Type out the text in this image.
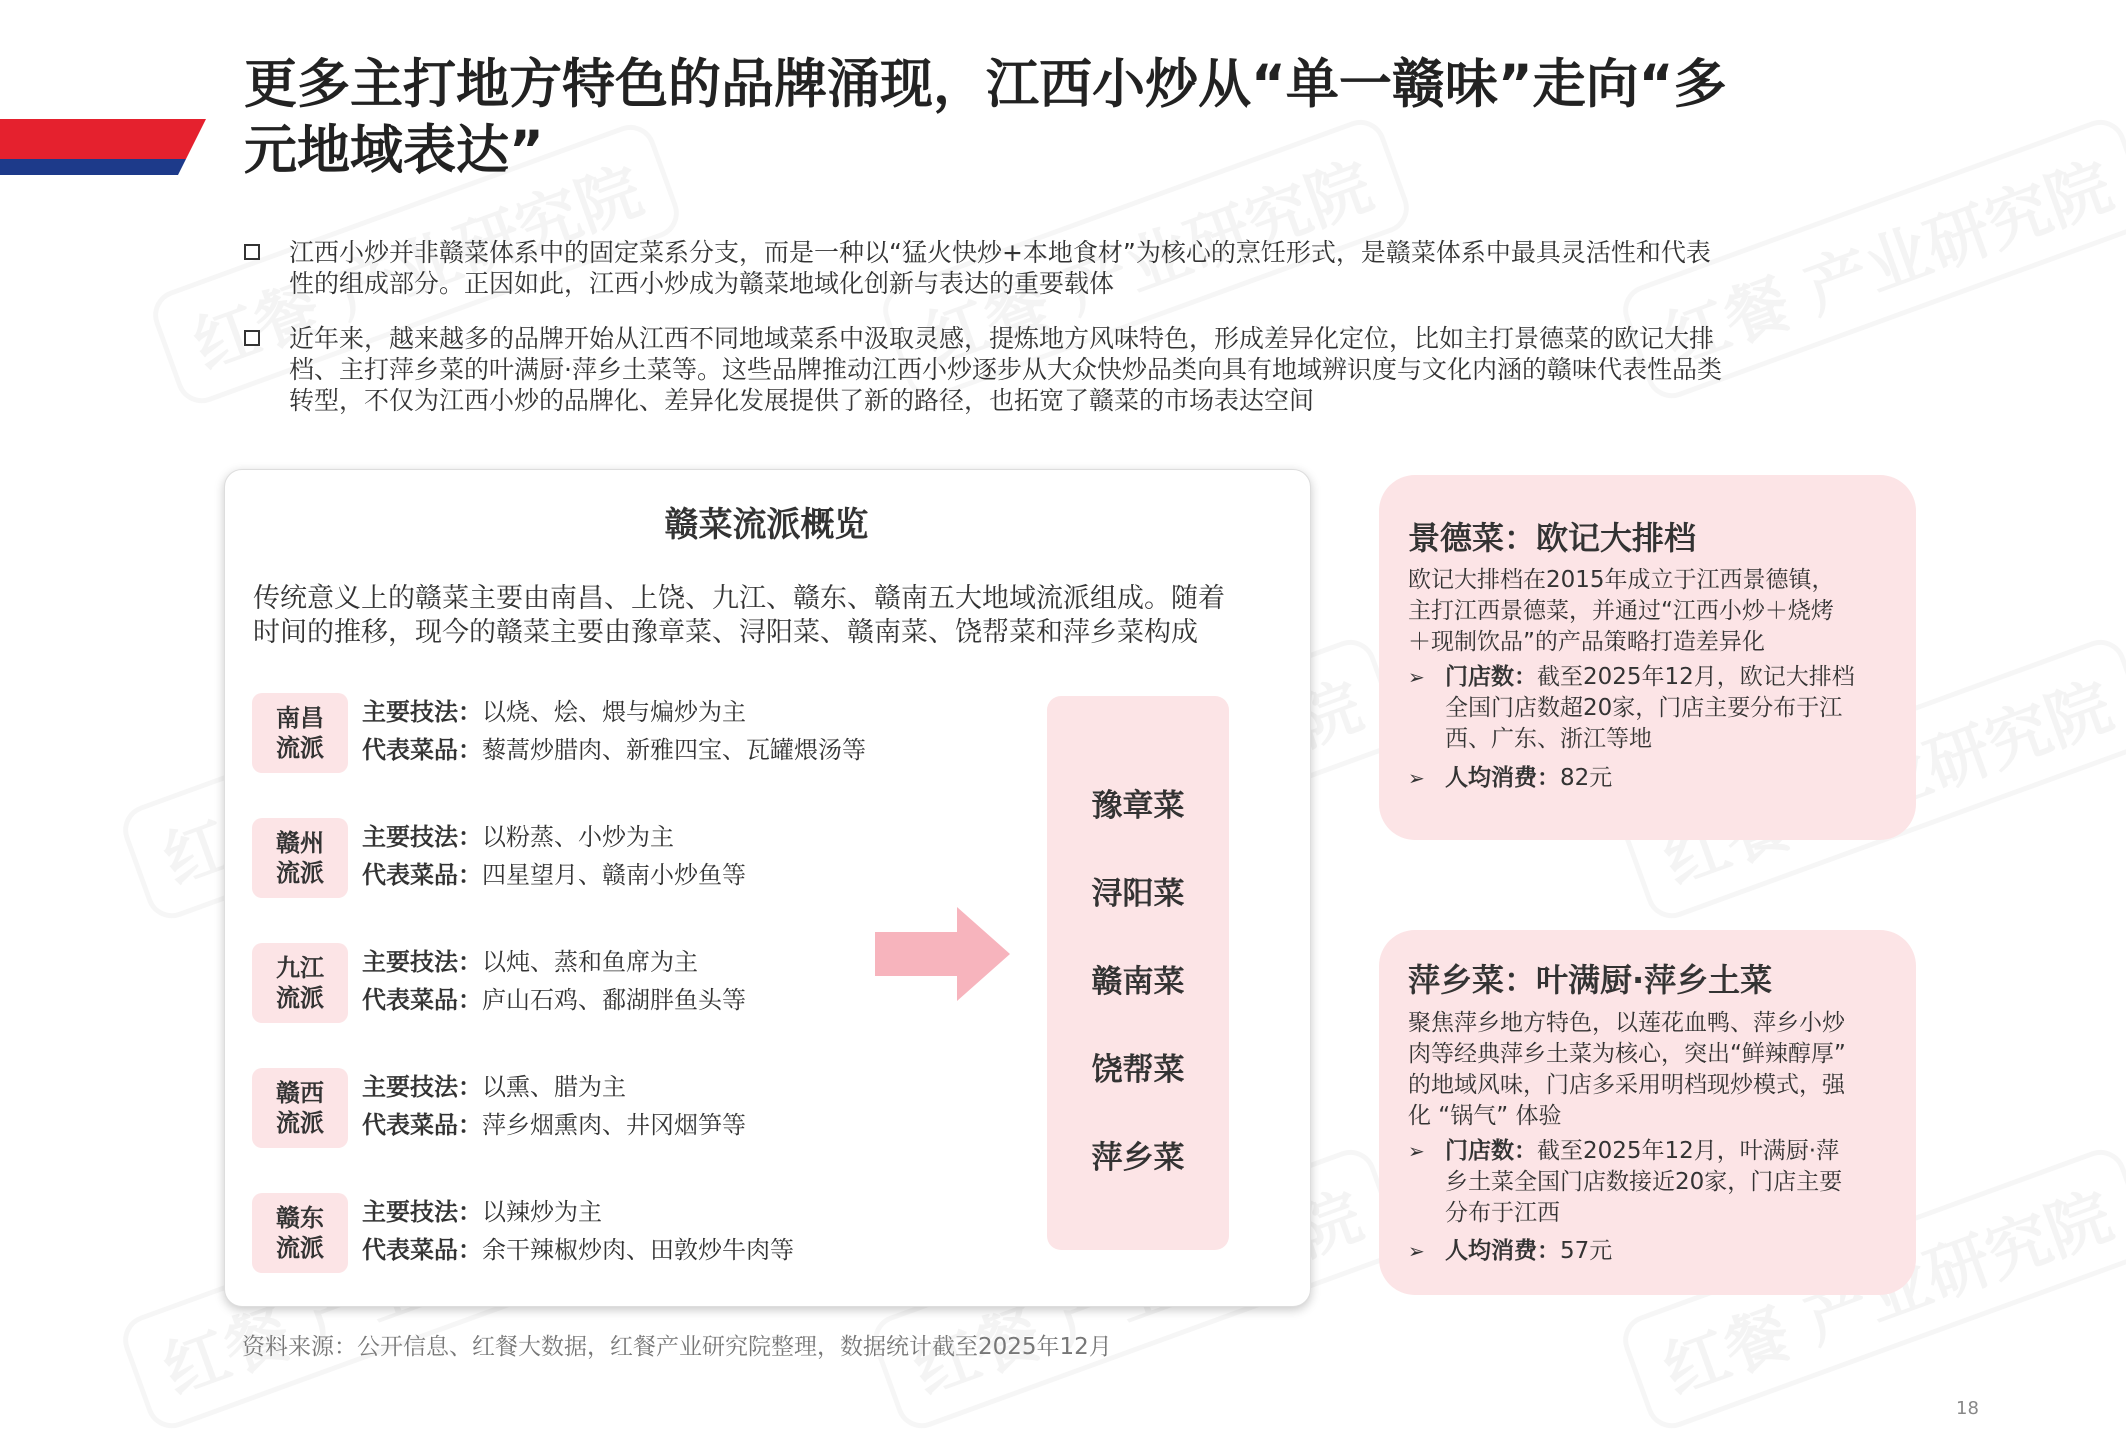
更多主打地方特色的品牌涌现，江西小炒从“单一赣味”走向“多
元地域表达”
江西小炒并非赣菜体系中的固定菜系分支，而是一种以“猛火快炒+本地食材”为核心的烹饪形式，是赣菜体系中最具灵活性和代表
性的组成部分。正因如此，江西小炒成为赣菜地域化创新与表达的重要载体
近年来，越来越多的品牌开始从江西不同地域菜系中汲取灵感，提炼地方风味特色，形成差异化定位，比如主打景德菜的欧记大排
档、主打萍乡菜的叶满厨·萍乡土菜等。这些品牌推动江西小炒逐步从大众快炒品类向具有地域辨识度与文化内涵的赣味代表性品类
转型，不仅为江西小炒的品牌化、差异化发展提供了新的路径，也拓宽了赣菜的市场表达空间
赣菜流派概览
传统意义上的赣菜主要由南昌、上饶、九江、赣东、赣南五大地域流派组成。随着
时间的推移，现今的赣菜主要由豫章菜、浔阳菜、赣南菜、饶帮菜和萍乡菜构成
南昌
流派
主要技法：以烧、烩、煨与煸炒为主
代表菜品：藜蒿炒腊肉、新雅四宝、瓦罐煨汤等
赣州
流派
主要技法：以粉蒸、小炒为主
代表菜品：四星望月、赣南小炒鱼等
九江
流派
主要技法：以炖、蒸和鱼席为主
代表菜品：庐山石鸡、鄱湖胖鱼头等
赣西
流派
主要技法：以熏、腊为主
代表菜品：萍乡烟熏肉、井冈烟笋等
赣东
流派
主要技法：以辣炒为主
代表菜品：余干辣椒炒肉、田敦炒牛肉等
豫章菜
浔阳菜
赣南菜
饶帮菜
萍乡菜
资料来源：公开信息、红餐大数据，红餐产业研究院整理，数据统计截至2025年12月
18
景德菜：欧记大排档
欧记大排档在2015年成立于江西景德镇，
主打江西景德菜，并通过“江西小炒＋烧烤
＋现制饮品”的产品策略打造差异化
➢ 门店数：截至2025年12月，欧记大排档
全国门店数超20家，门店主要分布于江
西、广东、浙江等地
➢ 人均消费：82元
萍乡菜：叶满厨·萍乡土菜
聚焦萍乡地方特色，以莲花血鸭、萍乡小炒
肉等经典萍乡土菜为核心，突出“鲜辣醇厚”
的地域风味，门店多采用明档现炒模式，强
化 “锅气” 体验
➢ 门店数：截至2025年12月，叶满厨·萍
乡土菜全国门店数接近20家，门店主要
分布于江西
➢ 人均消费：57元
